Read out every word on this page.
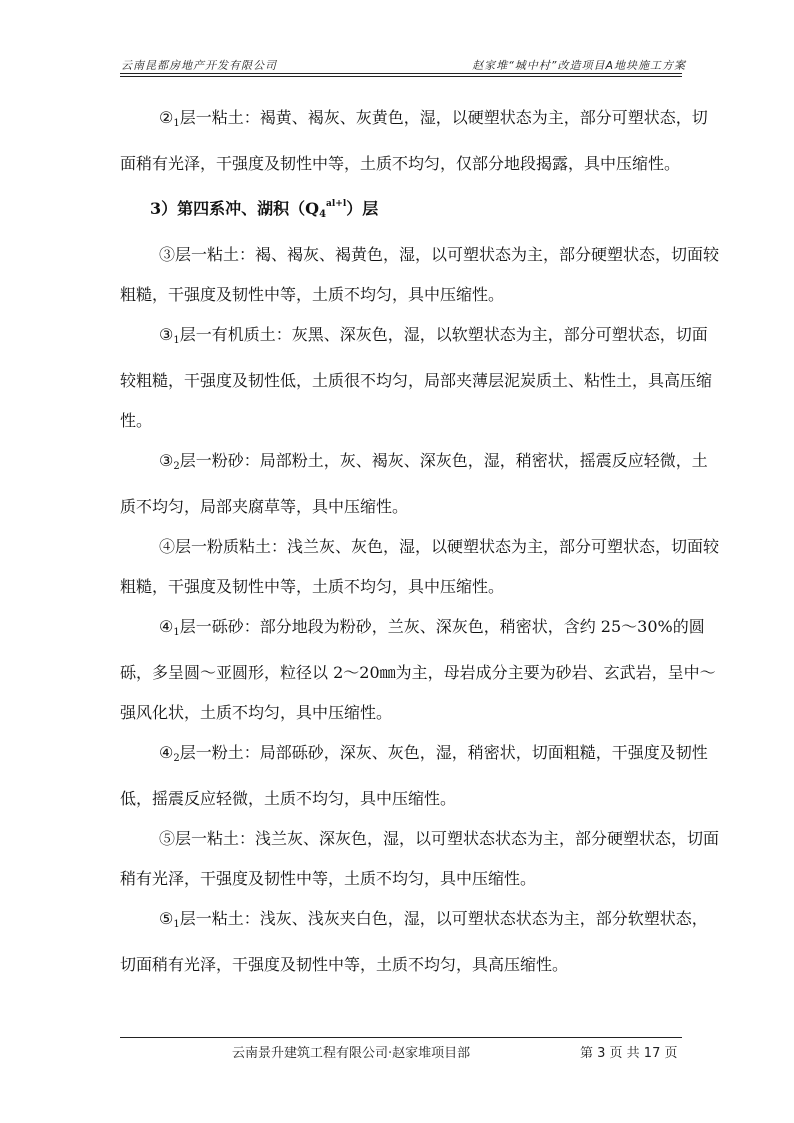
云南昆都房地产开发有限公司	赵家堆“城中村”改造项目A地块施工方案

$②_1$层一粘土：褐黄、褐灰、灰黄色，湿，以硬塑状态为主，部分可塑状态，切面稍有光泽，干强度及韧性中等，土质不均匀，仅部分地段揭露，具中压缩性。

3）第四系冲、湖积$(Q_4^{al+l})$层

③层一粘土：褐、褐灰、褐黄色，湿，以可塑状态为主，部分硬塑状态，切面较粗糙，干强度及韧性中等，土质不均匀，具中压缩性。

$③_1$层一有机质土：灰黑、深灰色，湿，以软塑状态为主，部分可塑状态，切面较粗糙，干强度及韧性低，土质很不均匀，局部夹薄层泥炭质土、粘性土，具高压缩性。

$③_2$层一粉砂：局部粉土，灰、褐灰、深灰色，湿，稍密状，摇震反应轻微，土质不均匀，局部夹腐草等，具中压缩性。

④层一粉质粘土：浅兰灰、灰色，湿，以硬塑状态为主，部分可塑状态，切面较粗糙，干强度及韧性中等，土质不均匀，具中压缩性。

$④_1$层一砾砂：部分地段为粉砂，兰灰、深灰色，稍密状，含约 25～30%的圆砾，多呈圆～亚圆形，粒径以 2～20㎜为主，母岩成分主要为砂岩、玄武岩，呈中～强风化状，土质不均匀，具中压缩性。

$④_2$层一粉土：局部砾砂，深灰、灰色，湿，稍密状，切面粗糙，干强度及韧性低，摇震反应轻微，土质不均匀，具中压缩性。

⑤层一粘土：浅兰灰、深灰色，湿，以可塑状态状态为主，部分硬塑状态，切面稍有光泽，干强度及韧性中等，土质不均匀，具中压缩性。

$⑤_1$层一粘土：浅灰、浅灰夹白色，湿，以可塑状态状态为主，部分软塑状态，切面稍有光泽，干强度及韧性中等，土质不均匀，具高压缩性。

云南景升建筑工程有限公司·赵家堆项目部	第 3 页 共 17 页
